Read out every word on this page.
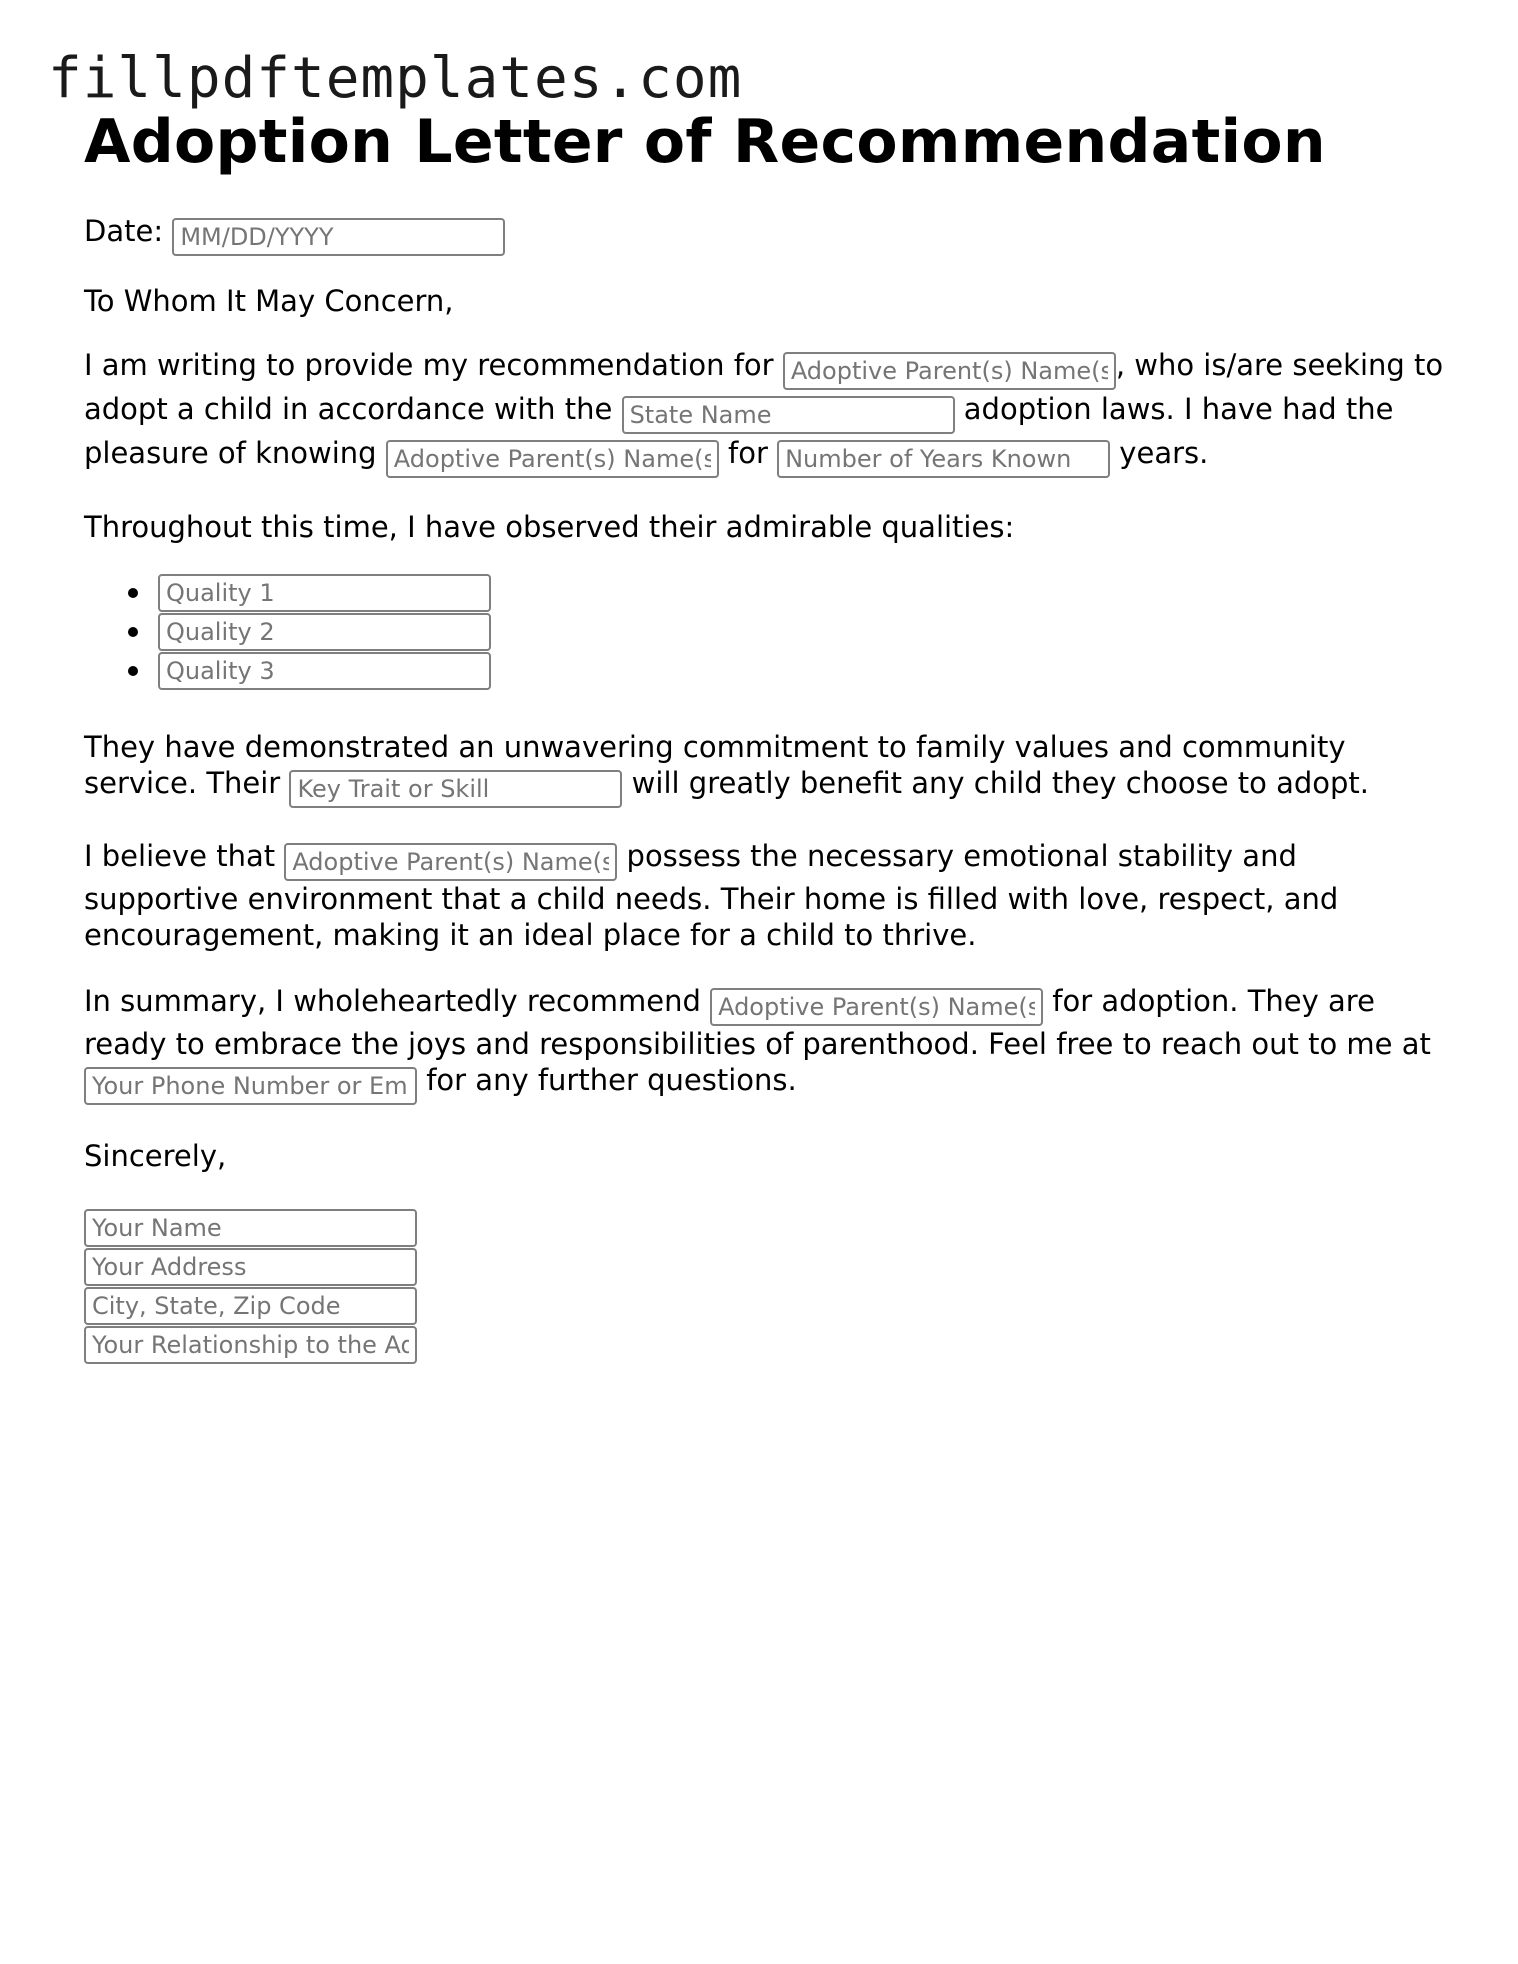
fillpdftemplates.com
Adoption Letter of Recommendation

Date: MM/DD/YYYY

To Whom It May Concern,

I am writing to provide my recommendation for Adoptive Parent(s) Name(s)	, who is/are seeking to adopt a child in accordance with the State Name	adoption laws. I have had the pleasure of knowing Adoptive Parent(s) Name(s)	for Number of Years Known	years.

Throughout this time, I have observed their admirable qualities:

Quality 1
Quality 2
Quality 3

They have demonstrated an unwavering commitment to family values and community service. Their Key Trait or Skill	will greatly benefit any child they choose to adopt.

I believe that Adoptive Parent(s) Name(s)	possess the necessary emotional stability and supportive environment that a child needs. Their home is filled with love, respect, and encouragement, making it an ideal place for a child to thrive.

In summary, I wholeheartedly recommend Adoptive Parent(s) Name(s)	for adoption. They are ready to embrace the joys and responsibilities of parenthood. Feel free to reach out to me at Your Phone Number or Email for any further questions.

Sincerely,

Your Name
Your Address
City, State, Zip Code
Your Relationship to the Adoptive Parent(s)
